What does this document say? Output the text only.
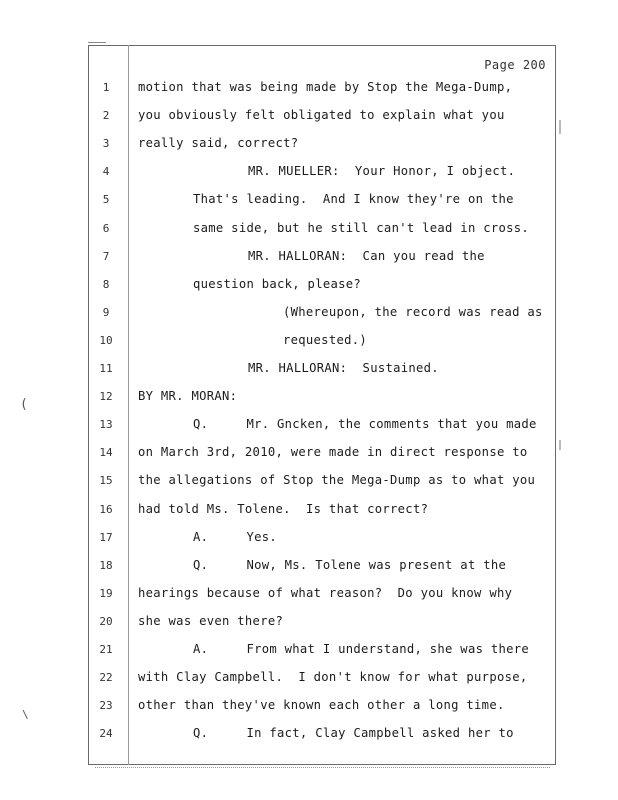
Page 200
1	motion that was being made by Stop the Mega-Dump,
2	you obviously felt obligated to explain what you
3	really said, correct?
4	MR. MUELLER:  Your Honor, I object.
5	That's leading.  And I know they're on the
6	same side, but he still can't lead in cross.
7	MR. HALLORAN:  Can you read the
8	question back, please?
9	(Whereupon, the record was read as
10	requested.)
11	MR. HALLORAN:  Sustained.
12	BY MR. MORAN:
13	Q.     Mr. Gncken, the comments that you made
14	on March 3rd, 2010, were made in direct response to
15	the allegations of Stop the Mega-Dump as to what you
16	had told Ms. Tolene.  Is that correct?
17	A.     Yes.
18	Q.     Now, Ms. Tolene was present at the
19	hearings because of what reason?  Do you know why
20	she was even there?
21	A.     From what I understand, she was there
22	with Clay Campbell.  I don't know for what purpose,
23	other than they've known each other a long time.
24	Q.     In fact, Clay Campbell asked her to
(
\
